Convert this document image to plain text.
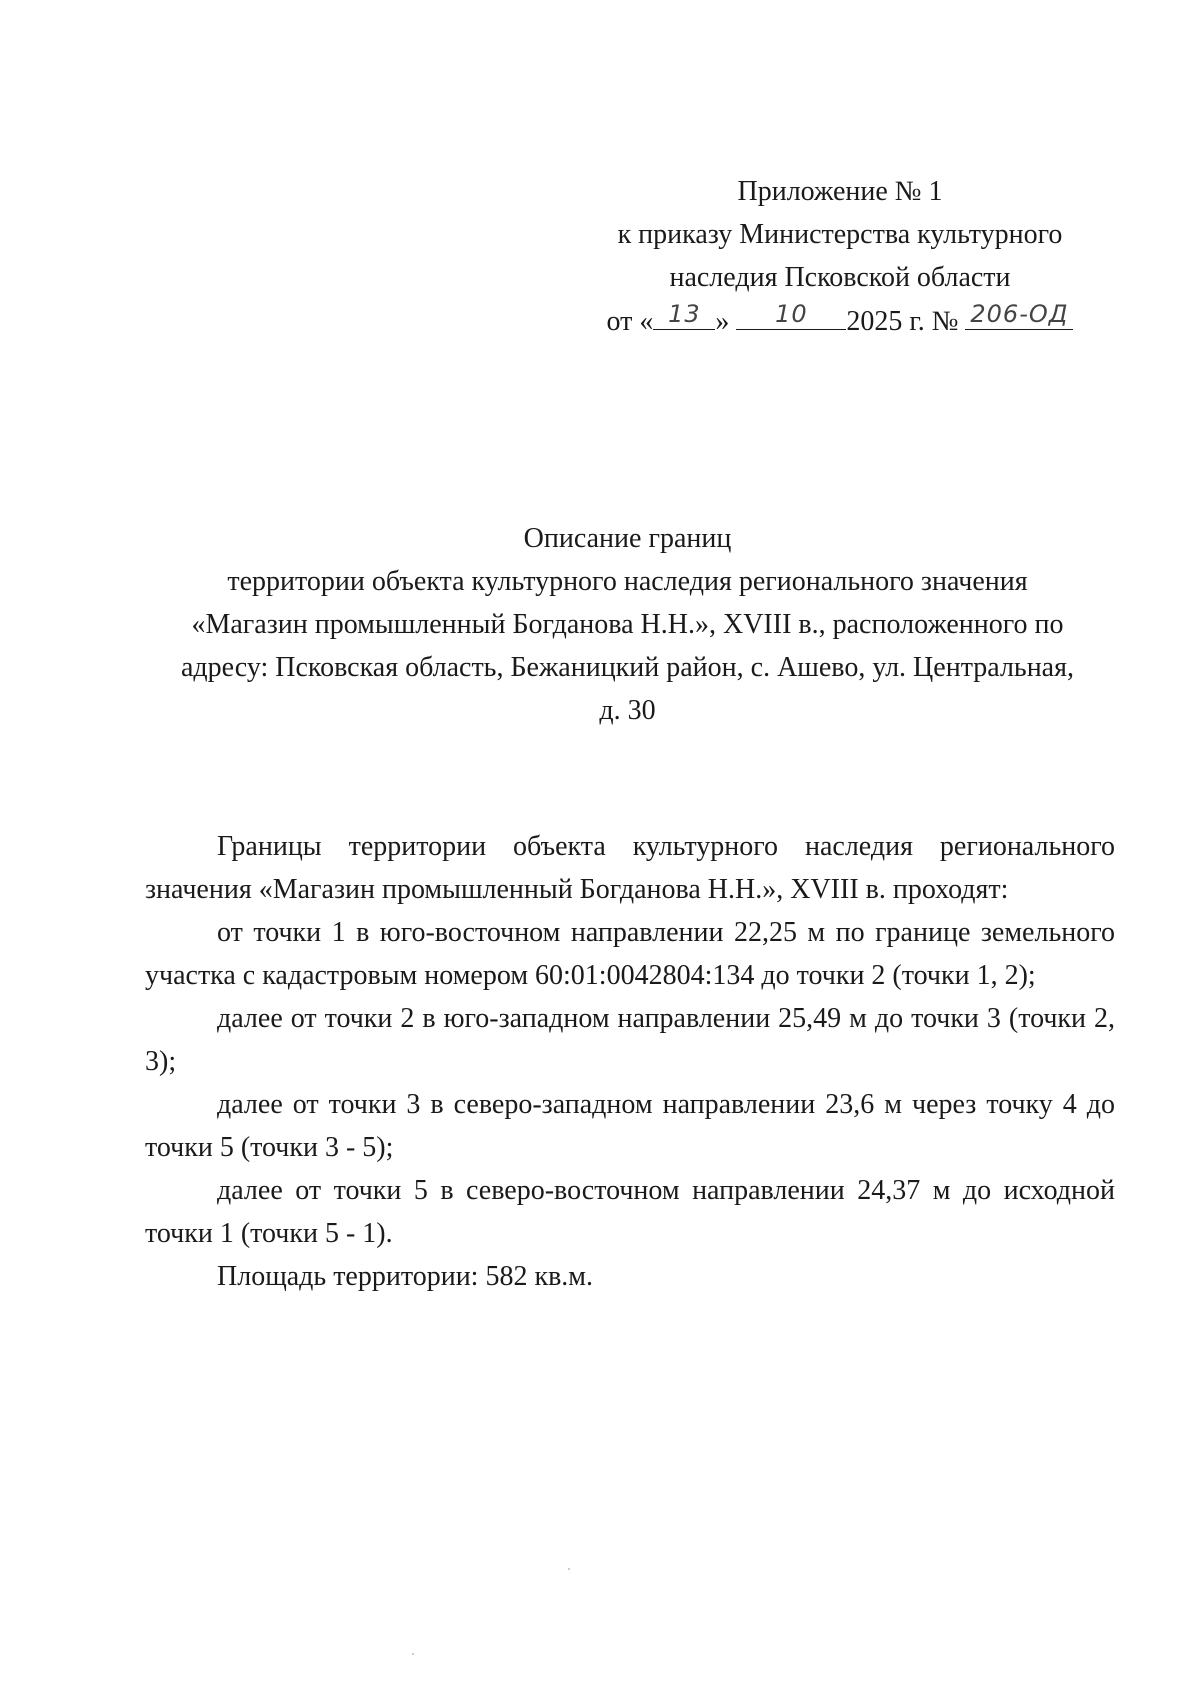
Приложение № 1
к приказу Министерства культурного
наследия Псковской области
от « 13 »	10	2025 г. № 206-ОД
Описание границ
территории объекта культурного наследия регионального значения
«Магазин промышленный Богданова Н.Н.», XVIII в., расположенного по
адресу: Псковская область, Бежаницкий район, с. Ашево, ул. Центральная,
д. 30

Границы территории объекта культурного наследия регионального значения «Магазин промышленный Богданова Н.Н.», XVIII в. проходят:

от точки 1 в юго-восточном направлении 22,25 м по границе земельного участка с кадастровым номером 60:01:0042804:134 до точки 2 (точки 1, 2);

далее от точки 2 в юго-западном направлении 25,49 м до точки 3 (точки 2, 3);

далее от точки 3 в северо-западном направлении 23,6 м через точку 4 до точки 5 (точки 3 - 5);

далее от точки 5 в северо-восточном направлении 24,37 м до исходной точки 1 (точки 5 - 1).

Площадь территории: 582 кв.м.
